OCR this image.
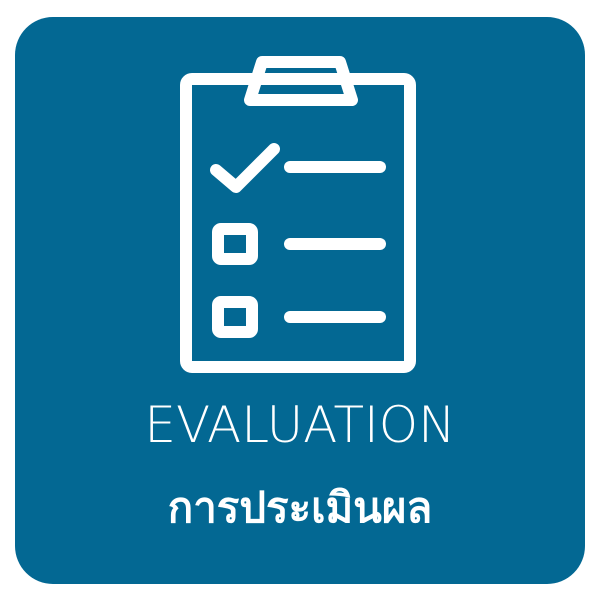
EVALUATION
การประเมินผล
